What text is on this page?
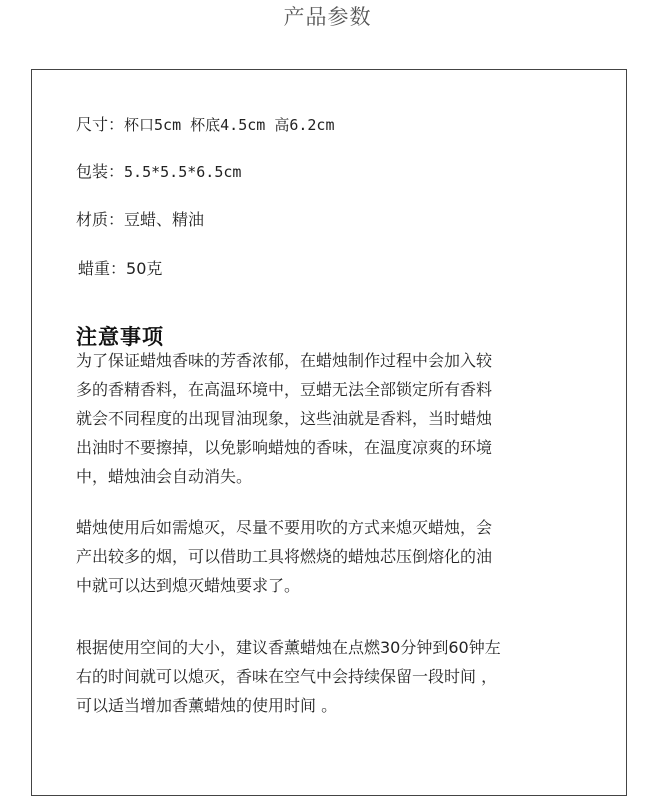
产品参数
尺寸：杯口5cm 杯底4.5cm 高6.2cm
包装：5.5*5.5*6.5cm
材质：豆蜡、精油
蜡重：50克
注意事项

为了保证蜡烛香味的芳香浓郁，在蜡烛制作过程中会加入较
多的香精香料，在高温环境中，豆蜡无法全部锁定所有香料
就会不同程度的出现冒油现象，这些油就是香料，当时蜡烛
出油时不要擦掉，以免影响蜡烛的香味，在温度凉爽的环境
中，蜡烛油会自动消失。

蜡烛使用后如需熄灭，尽量不要用吹的方式来熄灭蜡烛，会
产出较多的烟，可以借助工具将燃烧的蜡烛芯压倒熔化的油
中就可以达到熄灭蜡烛要求了。

根据使用空间的大小，建议香薰蜡烛在点燃30分钟到60钟左
右的时间就可以熄灭，香味在空气中会持续保留一段时间 ，
可以适当增加香薰蜡烛的使用时间 。
